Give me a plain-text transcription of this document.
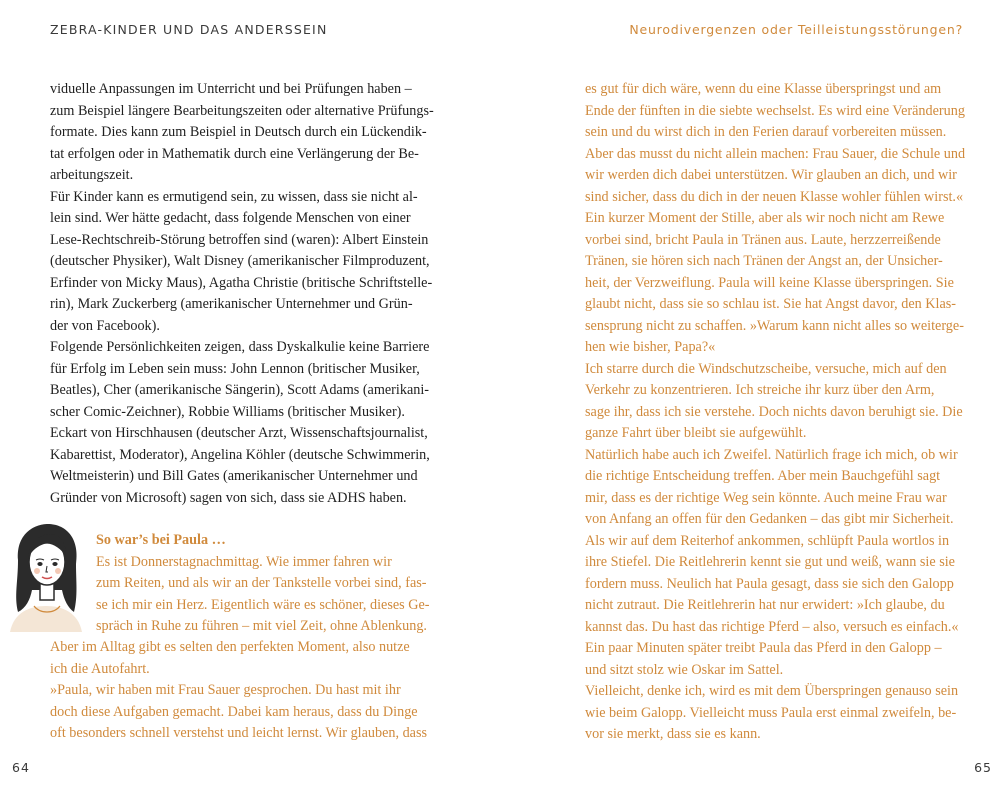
ZEBRA-KINDER UND DAS ANDERSSEIN
viduelle Anpassungen im Unterricht und bei Prüfungen haben –
zum Beispiel längere Bearbeitungszeiten oder alternative Prüfungs-
formate. Dies kann zum Beispiel in Deutsch durch ein Lückendik-
tat erfolgen oder in Mathematik durch eine Verlängerung der Be-
arbeitungszeit.
Für Kinder kann es ermutigend sein, zu wissen, dass sie nicht al-
lein sind. Wer hätte gedacht, dass folgende Menschen von einer
Lese-Rechtschreib-Störung betroffen sind (waren): Albert Einstein
(deutscher Physiker), Walt Disney (amerikanischer Filmproduzent,
Erfinder von Micky Maus), Agatha Christie (britische Schriftstelle-
rin), Mark Zuckerberg (amerikanischer Unternehmer und Grün-
der von Facebook).
Folgende Persönlichkeiten zeigen, dass Dyskalkulie keine Barriere
für Erfolg im Leben sein muss: John Lennon (britischer Musiker,
Beatles), Cher (amerikanische Sängerin), Scott Adams (amerikani-
scher Comic-Zeichner), Robbie Williams (britischer Musiker).
Eckart von Hirschhausen (deutscher Arzt, Wissenschaftsjournalist,
Kabarettist, Moderator), Angelina Köhler (deutsche Schwimmerin,
Weltmeisterin) und Bill Gates (amerikanischer Unternehmer und
Gründer von Microsoft) sagen von sich, dass sie ADHS haben.
So war’s bei Paula …
Es ist Donnerstagnachmittag. Wie immer fahren wir
zum Reiten, und als wir an der Tankstelle vorbei sind, fas-
se ich mir ein Herz. Eigentlich wäre es schöner, dieses Ge-
spräch in Ruhe zu führen – mit viel Zeit, ohne Ablenkung.
Aber im Alltag gibt es selten den perfekten Moment, also nutze
ich die Autofahrt.
»Paula, wir haben mit Frau Sauer gesprochen. Du hast mit ihr
doch diese Aufgaben gemacht. Dabei kam heraus, dass du Dinge
oft besonders schnell verstehst und leicht lernst. Wir glauben, dass
64
Neurodivergenzen oder Teilleistungsstörungen?
es gut für dich wäre, wenn du eine Klasse überspringst und am
Ende der fünften in die siebte wechselst. Es wird eine Veränderung
sein und du wirst dich in den Ferien darauf vorbereiten müssen.
Aber das musst du nicht allein machen: Frau Sauer, die Schule und
wir werden dich dabei unterstützen. Wir glauben an dich, und wir
sind sicher, dass du dich in der neuen Klasse wohler fühlen wirst.«
Ein kurzer Moment der Stille, aber als wir noch nicht am Rewe
vorbei sind, bricht Paula in Tränen aus. Laute, herzzerreißende
Tränen, sie hören sich nach Tränen der Angst an, der Unsicher-
heit, der Verzweiflung. Paula will keine Klasse überspringen. Sie
glaubt nicht, dass sie so schlau ist. Sie hat Angst davor, den Klas-
sensprung nicht zu schaffen. »Warum kann nicht alles so weiterge-
hen wie bisher, Papa?«
Ich starre durch die Windschutzscheibe, versuche, mich auf den
Verkehr zu konzentrieren. Ich streiche ihr kurz über den Arm,
sage ihr, dass ich sie verstehe. Doch nichts davon beruhigt sie. Die
ganze Fahrt über bleibt sie aufgewühlt.
Natürlich habe auch ich Zweifel. Natürlich frage ich mich, ob wir
die richtige Entscheidung treffen. Aber mein Bauchgefühl sagt
mir, dass es der richtige Weg sein könnte. Auch meine Frau war
von Anfang an offen für den Gedanken – das gibt mir Sicherheit.
Als wir auf dem Reiterhof ankommen, schlüpft Paula wortlos in
ihre Stiefel. Die Reitlehrerin kennt sie gut und weiß, wann sie sie
fordern muss. Neulich hat Paula gesagt, dass sie sich den Galopp
nicht zutraut. Die Reitlehrerin hat nur erwidert: »Ich glaube, du
kannst das. Du hast das richtige Pferd – also, versuch es einfach.«
Ein paar Minuten später treibt Paula das Pferd in den Galopp –
und sitzt stolz wie Oskar im Sattel.
Vielleicht, denke ich, wird es mit dem Überspringen genauso sein
wie beim Galopp. Vielleicht muss Paula erst einmal zweifeln, be-
vor sie merkt, dass sie es kann.
65
